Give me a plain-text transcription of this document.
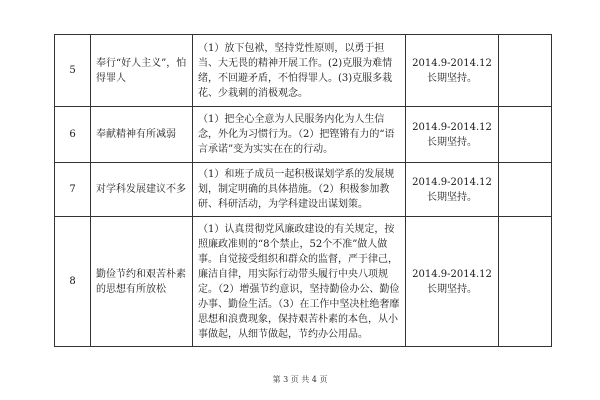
5	奉行“好人主义”，怕得罪人	（1）放下包袱，坚持党性原则，以勇于担当、大无畏的精神开展工作。(2)克服为难情绪，不回避矛盾，不怕得罪人。(3)克服多栽花、少栽刺的消极观念。	2014.9-2014.12 长期坚持。	
6	奉献精神有所减弱	（1）把全心全意为人民服务内化为人生信念，外化为习惯行为。（2）把铿锵有力的“语言承诺”变为实实在在的行动。	2014.9-2014.12 长期坚持。	
7	对学科发展建议不多	（1）和班子成员一起积极谋划学系的发展规划，制定明确的具体措施。（2）积极参加教研、科研活动，为学科建设出谋划策。	2014.9-2014.12 长期坚持。	
8	勤俭节约和艰苦朴素的思想有所放松	（1）认真贯彻党风廉政建设的有关规定，按照廉政准则的“8个禁止，52个不准”做人做事。自觉接受组织和群众的监督，严于律己，廉洁自律，用实际行动带头履行中央八项规定。（2）增强节约意识，坚持勤俭办公、勤俭办事、勤俭生活。（3）在工作中坚决杜绝奢靡思想和浪费现象，保持艰苦朴素的本色，从小事做起，从细节做起，节约办公用品。	2014.9-2014.12 长期坚持。	
第 3 页 共 4 页
